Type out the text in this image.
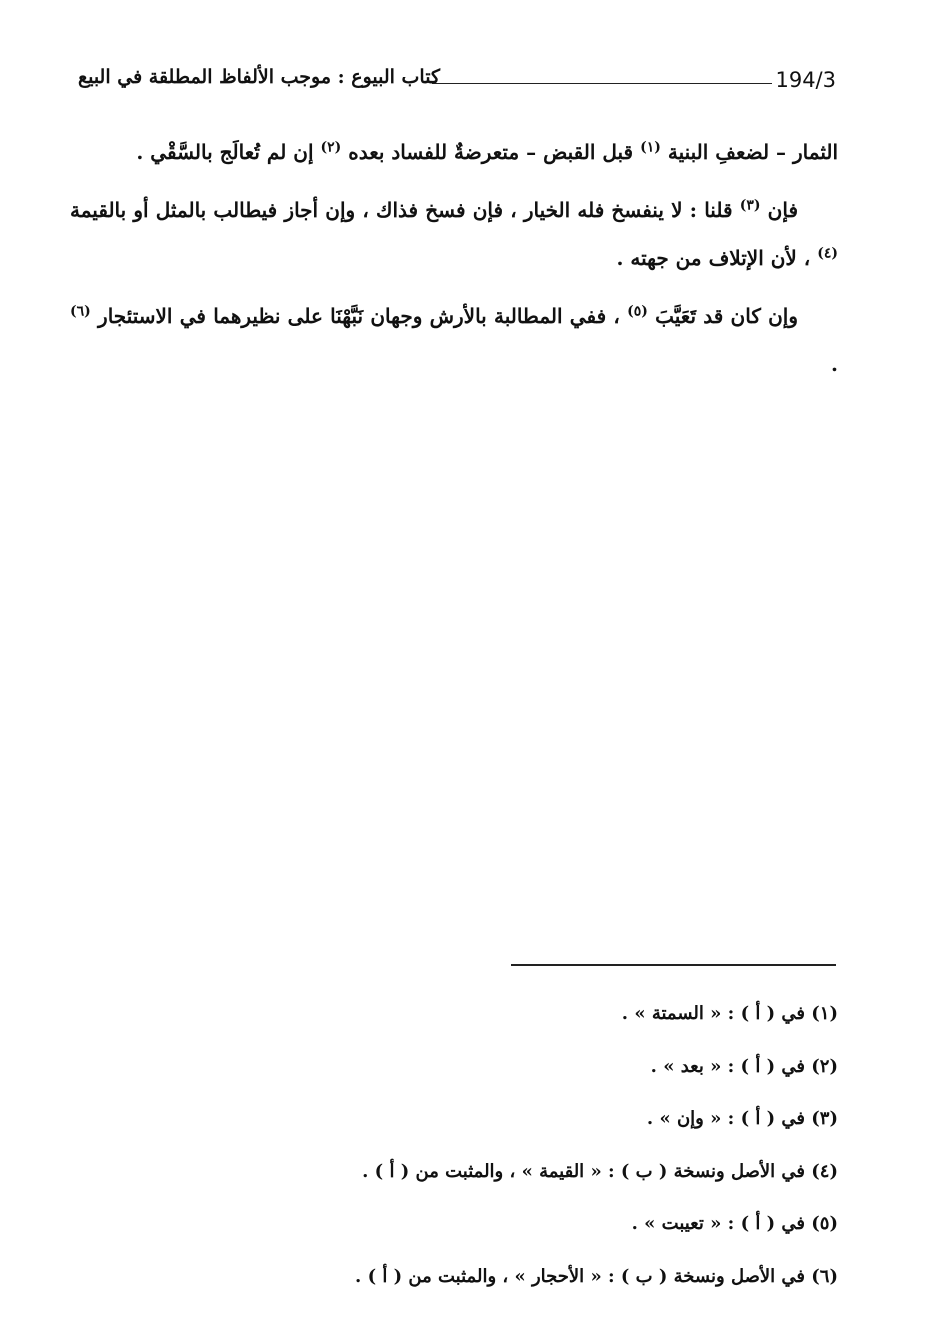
194/3
كتاب البيوع : موجب الألفاظ المطلقة في البيع

الثمار – لضعفِ البنية $^{(١)}$ قبل القبض – متعرضةٌ للفساد بعده $^{(٢)}$ إن لم تُعالَج بالسَّقْي .

فإن $^{(٣)}$ قلنا : لا ينفسخ فله الخيار ، فإن فسخ فذاك ، وإن أجاز فيطالب بالمثل أو بالقيمة $^{(٤)}$ ، لأن الإتلاف من جهته .

وإن كان قد تَعَيَّبَ $^{(٥)}$ ، ففي المطالبة بالأرش وجهان نَبَّهْنَا على نظيرهما في الاستئجار $^{(٦)}$ .

(١) في ( أ ) : « السمتة » .
(٢) في ( أ ) : « بعد » .
(٣) في ( أ ) : « وإن » .
(٤) في الأصل ونسخة ( ب ) : « القيمة » ، والمثبت من ( أ ) .
(٥) في ( أ ) : « تعيبت » .
(٦) في الأصل ونسخة ( ب ) : « الأحجار » ، والمثبت من ( أ ) .
